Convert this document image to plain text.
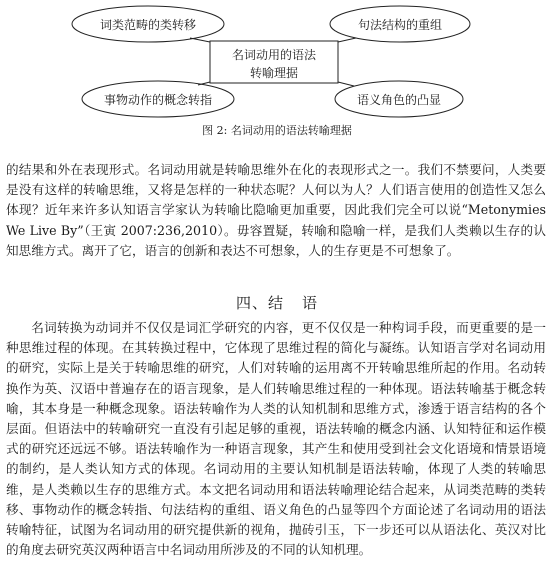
词类范畴的类转移	句法结构的重组
名词动用的语法
转喻理据
事物动作的概念转指	语义角色的凸显
图 2: 名词动用的语法转喻理据

的结果和外在表现形式。名词动用就是转喻思维外在化的表现形式之一。我们不禁要问，人类要是没有这样的转喻思维，又将是怎样的一种状态呢？人何以为人？人们语言使用的创造性又怎么体现？近年来许多认知语言学家认为转喻比隐喻更加重要，因此我们完全可以说“Metonymies We Live By”（王寅 2007:236,2010）。毋容置疑，转喻和隐喻一样，是我们人类赖以生存的认知思维方式。离开了它，语言的创新和表达不可想象，人的生存更是不可想象了。

四、结 语

名词转换为动词并不仅仅是词汇学研究的内容，更不仅仅是一种构词手段，而更重要的是一种思维过程的体现。在其转换过程中，它体现了思维过程的简化与凝练。认知语言学对名词动用的研究，实际上是关于转喻思维的研究，人们对转喻的运用离不开转喻思维所起的作用。名动转换作为英、汉语中普遍存在的语言现象，是人们转喻思维过程的一种体现。语法转喻基于概念转喻，其本身是一种概念现象。语法转喻作为人类的认知机制和思维方式，渗透于语言结构的各个层面。但语法中的转喻研究一直没有引起足够的重视，语法转喻的概念内涵、认知特征和运作模式的研究还远远不够。语法转喻作为一种语言现象，其产生和使用受到社会文化语境和情景语境的制约，是人类认知方式的体现。名词动用的主要认知机制是语法转喻，体现了人类的转喻思维，是人类赖以生存的思维方式。本文把名词动用和语法转喻理论结合起来，从词类范畴的类转移、事物动作的概念转指、句法结构的重组、语义角色的凸显等四个方面论述了名词动用的语法转喻特征，试图为名词动用的研究提供新的视角，抛砖引玉，下一步还可以从语法化、英汉对比的角度去研究英汉两种语言中名词动用所涉及的不同的认知机理。
